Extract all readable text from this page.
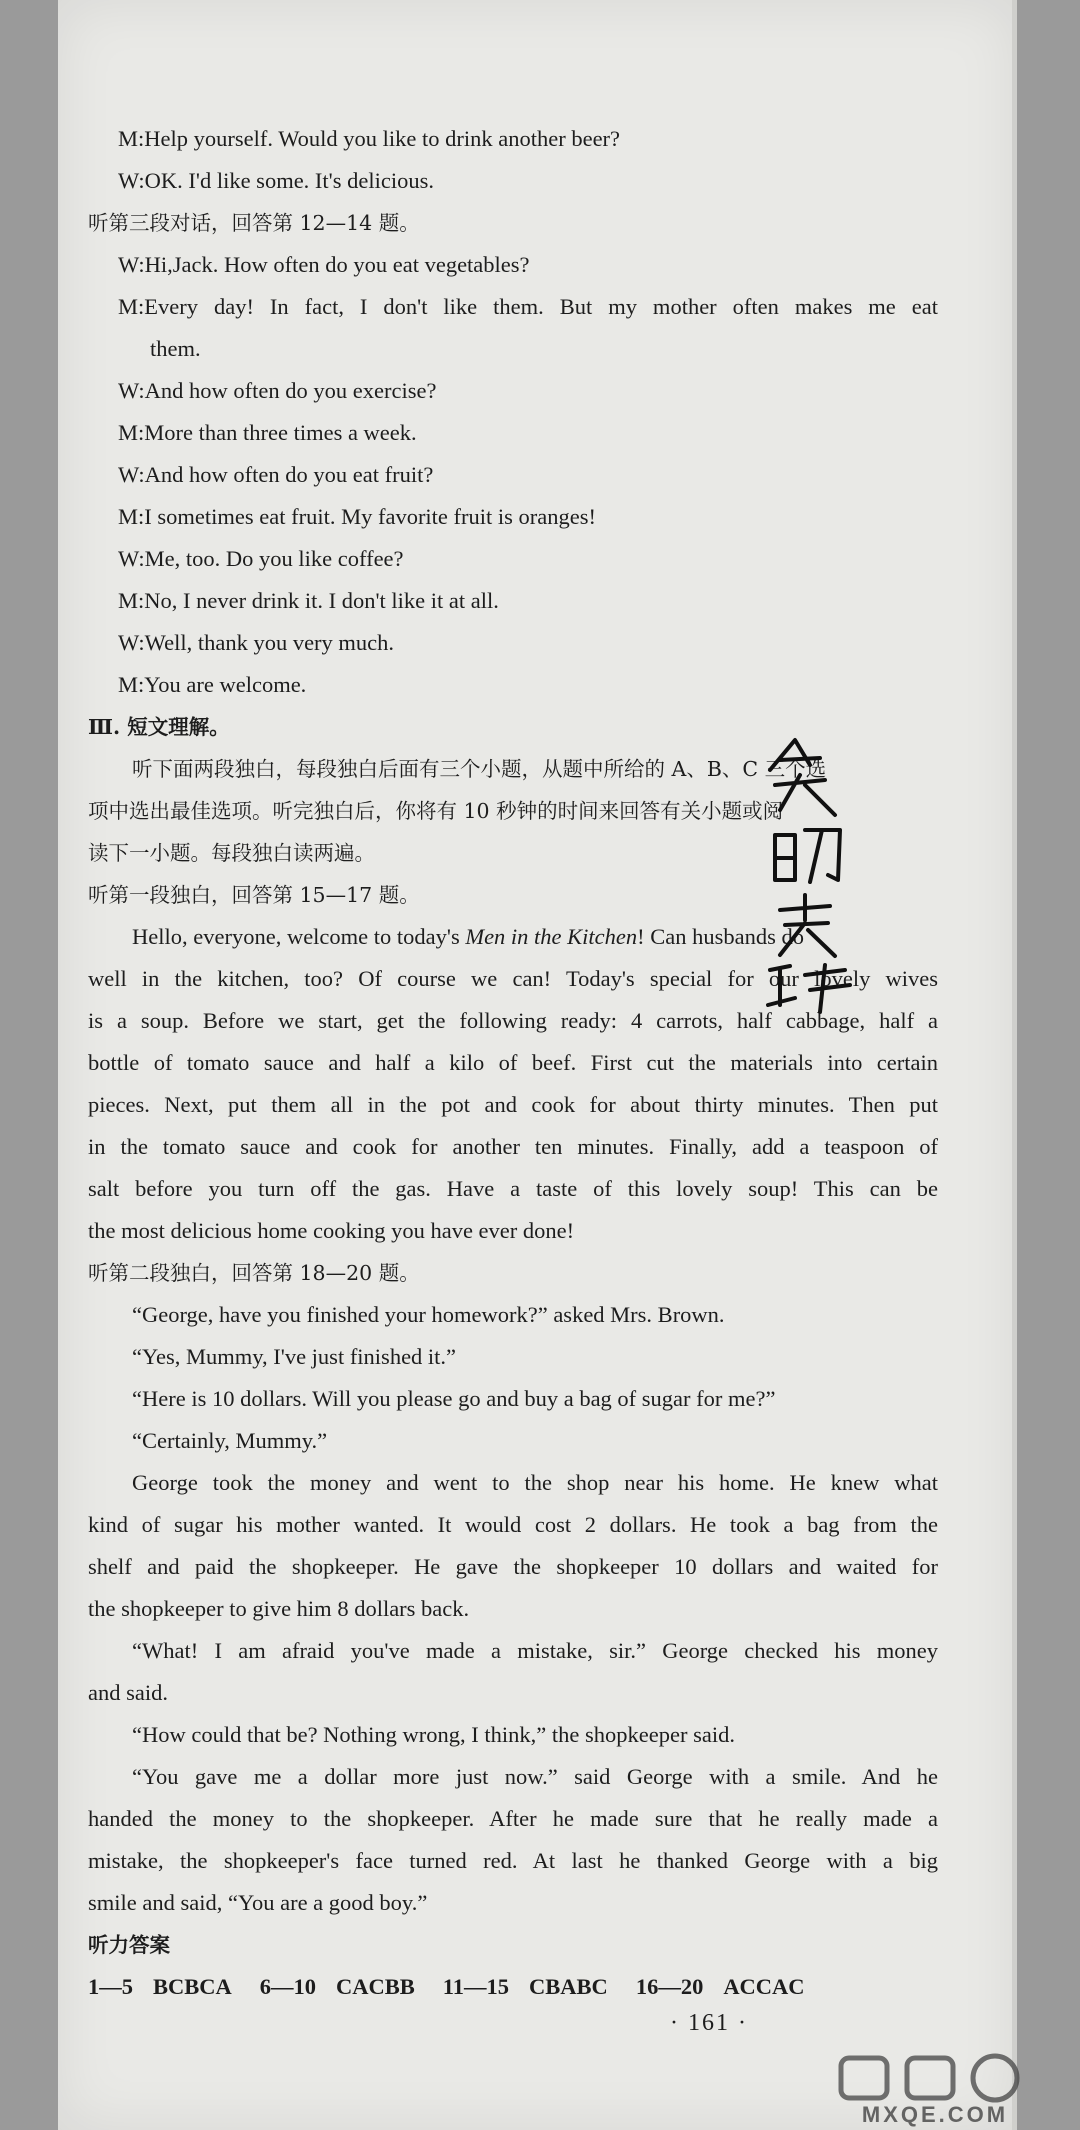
M:Help yourself. Would you like to drink another beer?
W:OK. I'd like some. It's delicious.
听第三段对话，回答第 12—14 题。
W:Hi,Jack. How often do you eat vegetables?
M:Every day! In fact, I don't like them. But my mother often makes me eat
them.
W:And how often do you exercise?
M:More than three times a week.
W:And how often do you eat fruit?
M:I sometimes eat fruit. My favorite fruit is oranges!
W:Me, too. Do you like coffee?
M:No, I never drink it. I don't like it at all.
W:Well, thank you very much.
M:You are welcome.
Ⅲ. 短文理解。
听下面两段独白，每段独白后面有三个小题，从题中所给的 A、B、C 三个选
项中选出最佳选项。听完独白后，你将有 10 秒钟的时间来回答有关小题或阅
读下一小题。每段独白读两遍。
听第一段独白，回答第 15—17 题。
Hello, everyone, welcome to today's Men in the Kitchen! Can husbands do
well in the kitchen, too? Of course we can! Today's special for our lovely wives
is a soup. Before we start, get the following ready: 4 carrots, half cabbage, half a
bottle of tomato sauce and half a kilo of beef. First cut the materials into certain
pieces. Next, put them all in the pot and cook for about thirty minutes. Then put
in the tomato sauce and cook for another ten minutes. Finally, add a teaspoon of
salt before you turn off the gas. Have a taste of this lovely soup! This can be
the most delicious home cooking you have ever done!
听第二段独白，回答第 18—20 题。
“George, have you finished your homework?” asked Mrs. Brown.
“Yes, Mummy, I've just finished it.”
“Here is 10 dollars. Will you please go and buy a bag of sugar for me?”
“Certainly, Mummy.”
George took the money and went to the shop near his home. He knew what
kind of sugar his mother wanted. It would cost 2 dollars. He took a bag from the
shelf and paid the shopkeeper. He gave the shopkeeper 10 dollars and waited for
the shopkeeper to give him 8 dollars back.
“What! I am afraid you've made a mistake, sir.” George checked his money
and said.
“How could that be? Nothing wrong, I think,” the shopkeeper said.
“You gave me a dollar more just now.” said George with a smile. And he
handed the money to the shopkeeper. After he made sure that he really made a
mistake, the shopkeeper's face turned red. At last he thanked George with a big
smile and said, “You are a good boy.”
听力答案
1—5 BCBCA 6—10 CACBB 11—15 CBABC 16—20 ACCAC
· 161 ·
MXQE.COM
